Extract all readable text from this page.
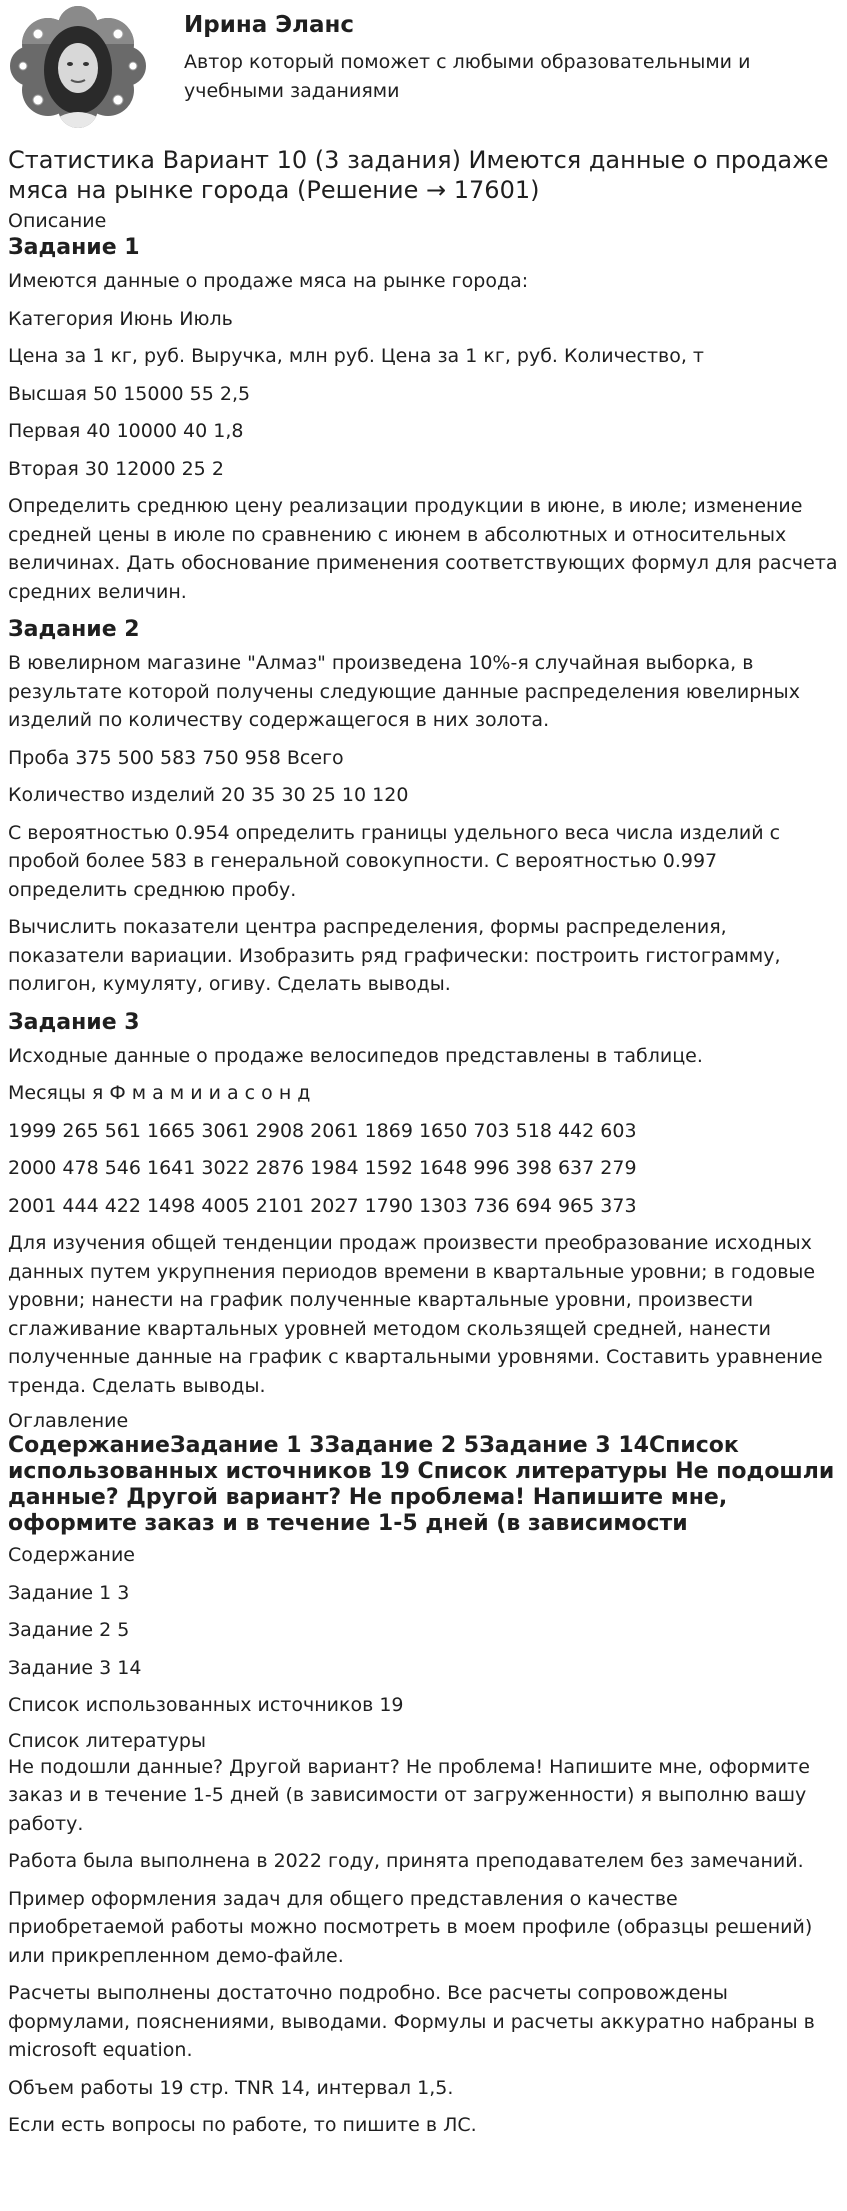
Ирина Эланс
Автор который поможет с любыми образовательными и учебными заданиями
Статистика Вариант 10 (3 задания) Имеются данные о продаже мяса на рынке города (Решение → 17601)
Описание
Задание 1

Имеются данные о продаже мяса на рынке города:

Категория Июнь Июль

Цена за 1 кг, руб. Выручка, млн руб. Цена за 1 кг, руб. Количество, т

Высшая 50 15000 55 2,5

Первая 40 10000 40 1,8

Вторая 30 12000 25 2

Определить среднюю цену реализации продукции в июне, в июле; изменение средней цены в июле по сравнению с июнем в абсолютных и относительных величинах. Дать обоснование применения соответствующих формул для расчета средних величин.

Задание 2

В ювелирном магазине "Алмаз" произведена 10%-я случайная выборка, в результате которой получены следующие данные распределения ювелирных изделий по количеству содержащегося в них золота.

Проба 375 500 583 750 958 Всего

Количество изделий 20 35 30 25 10 120

С вероятностью 0.954 определить границы удельного веса числа изделий с пробой более 583 в генеральной совокупности. С вероятностью 0.997 определить среднюю пробу.

Вычислить показатели центра распределения, формы распределения, показатели вариации. Изобразить ряд графически: построить гистограмму, полигон, кумуляту, огиву. Сделать выводы.

Задание 3

Исходные данные о продаже велосипедов представлены в таблице.

Месяцы я Ф м а м и и а с о н д

1999 265 561 1665 3061 2908 2061 1869 1650 703 518 442 603

2000 478 546 1641 3022 2876 1984 1592 1648 996 398 637 279

2001 444 422 1498 4005 2101 2027 1790 1303 736 694 965 373

Для изучения общей тенденции продаж произвести преобразование исходных данных путем укрупнения периодов времени в квартальные уровни; в годовые уровни; нанести на график полученные квартальные уровни, произвести сглаживание квартальных уровней методом скользящей средней, нанести полученные данные на график с квартальными уровнями. Составить уравнение тренда. Сделать выводы.

Оглавление
СодержаниеЗадание 1 3Задание 2 5Задание 3 14Список использованных источников 19 Список литературы Не подошли данные? Другой вариант? Не проблема! Напишите мне, оформите заказ и в течение 1-5 дней (в зависимости

Содержание

Задание 1 3

Задание 2 5

Задание 3 14

Список использованных источников 19

Список литературы

Не подошли данные? Другой вариант? Не проблема! Напишите мне, оформите заказ и в течение 1-5 дней (в зависимости от загруженности) я выполню вашу работу.

Работа была выполнена в 2022 году, принята преподавателем без замечаний.

Пример оформления задач для общего представления о качестве приобретаемой работы можно посмотреть в моем профиле (образцы решений) или прикрепленном демо-файле.

Расчеты выполнены достаточно подробно. Все расчеты сопровождены формулами, пояснениями, выводами. Формулы и расчеты аккуратно набраны в microsoft equation.

Объем работы 19 стр. TNR 14, интервал 1,5.

Если есть вопросы по работе, то пишите в ЛС.
